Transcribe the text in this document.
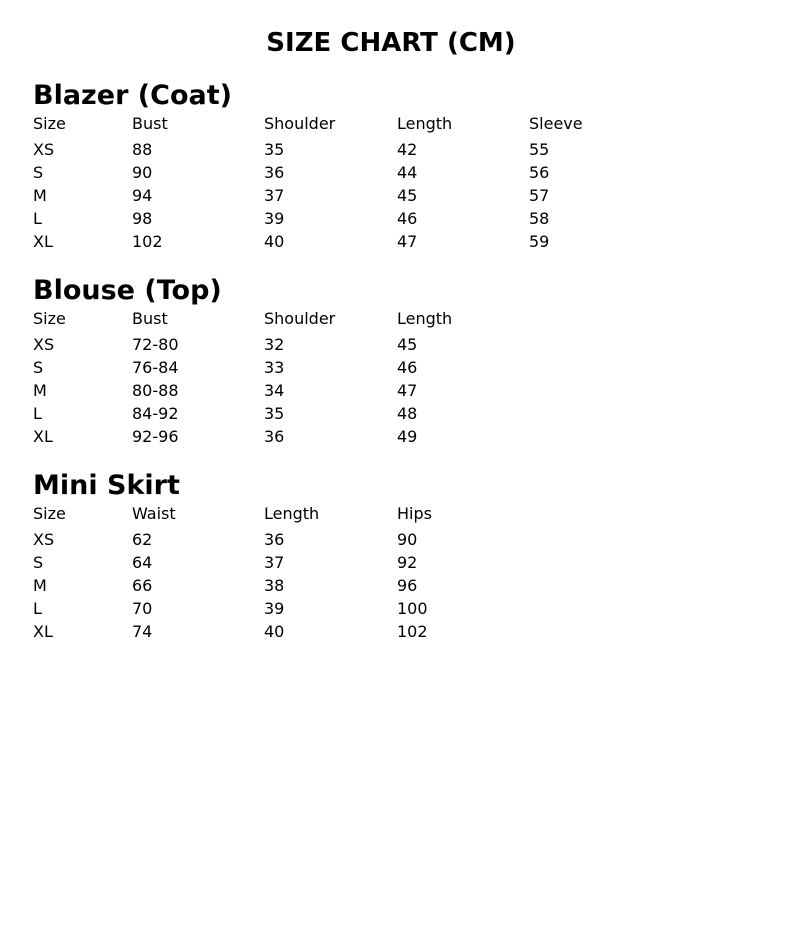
SIZE CHART (CM)
Blazer (Coat)
Size	Bust	Shoulder	Length	Sleeve
XS	88	35	42	55
S	90	36	44	56
M	94	37	45	57
L	98	39	46	58
XL	102	40	47	59
Blouse (Top)
Size	Bust	Shoulder	Length
XS	72-80	32	45
S	76-84	33	46
M	80-88	34	47
L	84-92	35	48
XL	92-96	36	49
Mini Skirt
Size	Waist	Length	Hips
XS	62	36	90
S	64	37	92
M	66	38	96
L	70	39	100
XL	74	40	102
